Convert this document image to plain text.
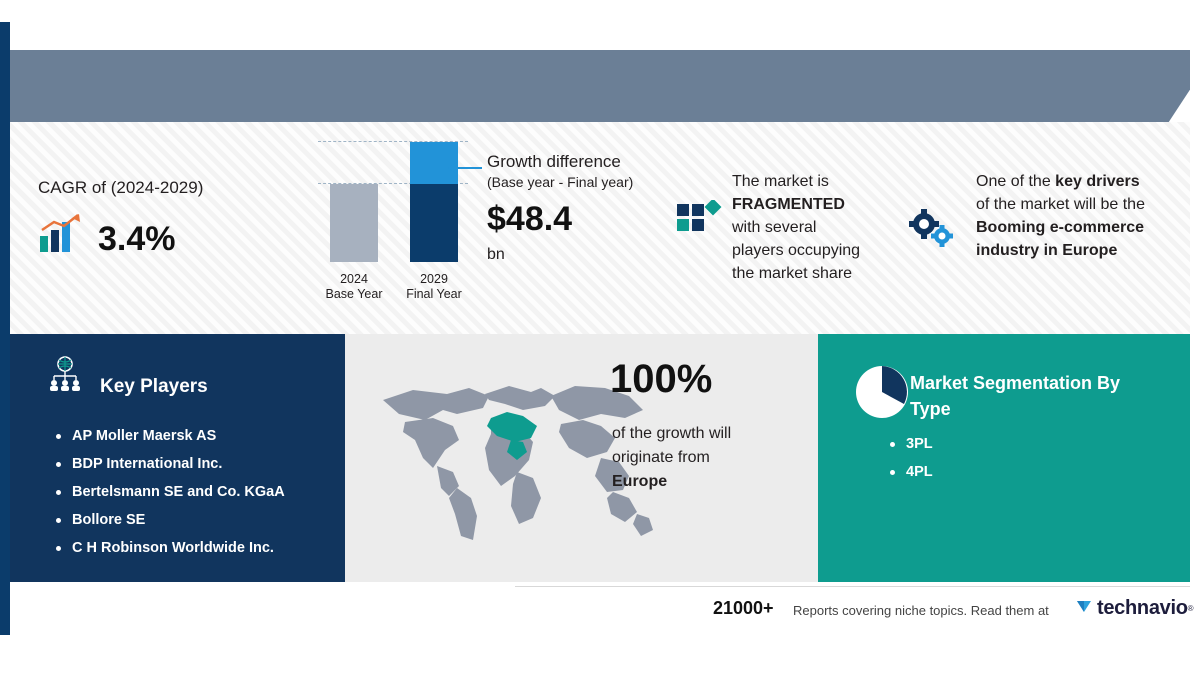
LOGISTICS MARKET IN EUROPE 2025-2029
CAGR of (2024-2029)
3.4%
2024
Base Year
2029
Final Year
Growth difference
(Base year - Final year)
$48.4
bn
The market is
FRAGMENTED
with several
players occupying
the market share
One of the key drivers
of the market will be the Booming e-commerce industry in Europe
Key Players
AP Moller Maersk AS
BDP International Inc.
Bertelsmann SE and Co. KGaA
Bollore SE
C H Robinson Worldwide Inc.
100%
of the growth will
originate from
Europe
Market Segmentation By Type
3PL
4PL
21000+ Reports covering niche topics. Read them at technavio ®
